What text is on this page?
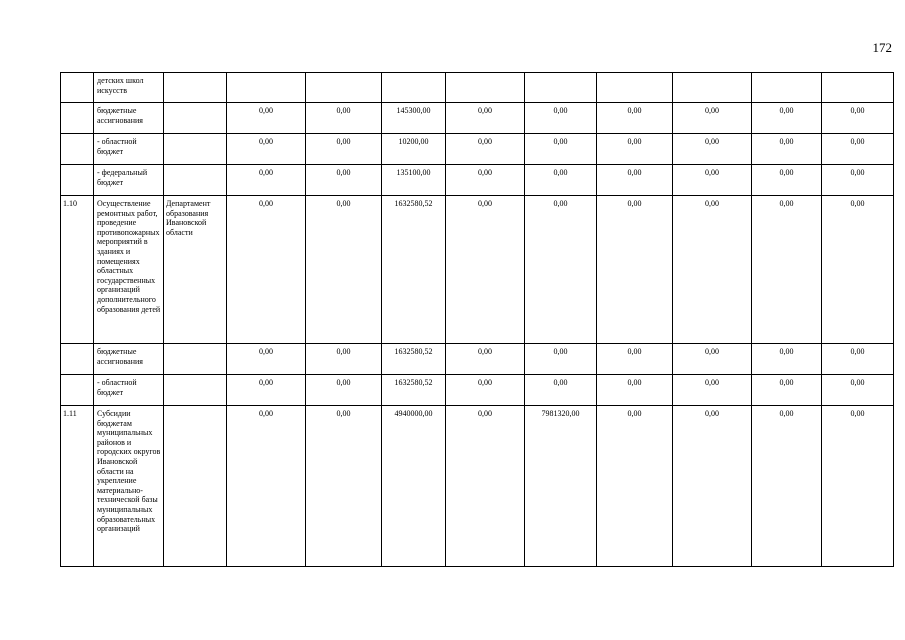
172
	детских школ искусств										
	бюджетные ассигнования		0,00	0,00	145300,00	0,00	0,00	0,00	0,00	0,00	0,00
	- областной бюджет		0,00	0,00	10200,00	0,00	0,00	0,00	0,00	0,00	0,00
	- федеральный бюджет		0,00	0,00	135100,00	0,00	0,00	0,00	0,00	0,00	0,00
1.10	Осуществление ремонтных работ, проведение противопожарных мероприятий в зданиях и помещениях областных государственных организаций дополнительного образования детей	Департамент образования Ивановской области	0,00	0,00	1632580,52	0,00	0,00	0,00	0,00	0,00	0,00
	бюджетные ассигнования		0,00	0,00	1632580,52	0,00	0,00	0,00	0,00	0,00	0,00
	- областной бюджет		0,00	0,00	1632580,52	0,00	0,00	0,00	0,00	0,00	0,00
1.11	Субсидии бюджетам муниципальных районов и городских округов Ивановской области на укрепление материально-технической базы муниципальных образовательных организаций		0,00	0,00	4940000,00	0,00	7981320,00	0,00	0,00	0,00	0,00
